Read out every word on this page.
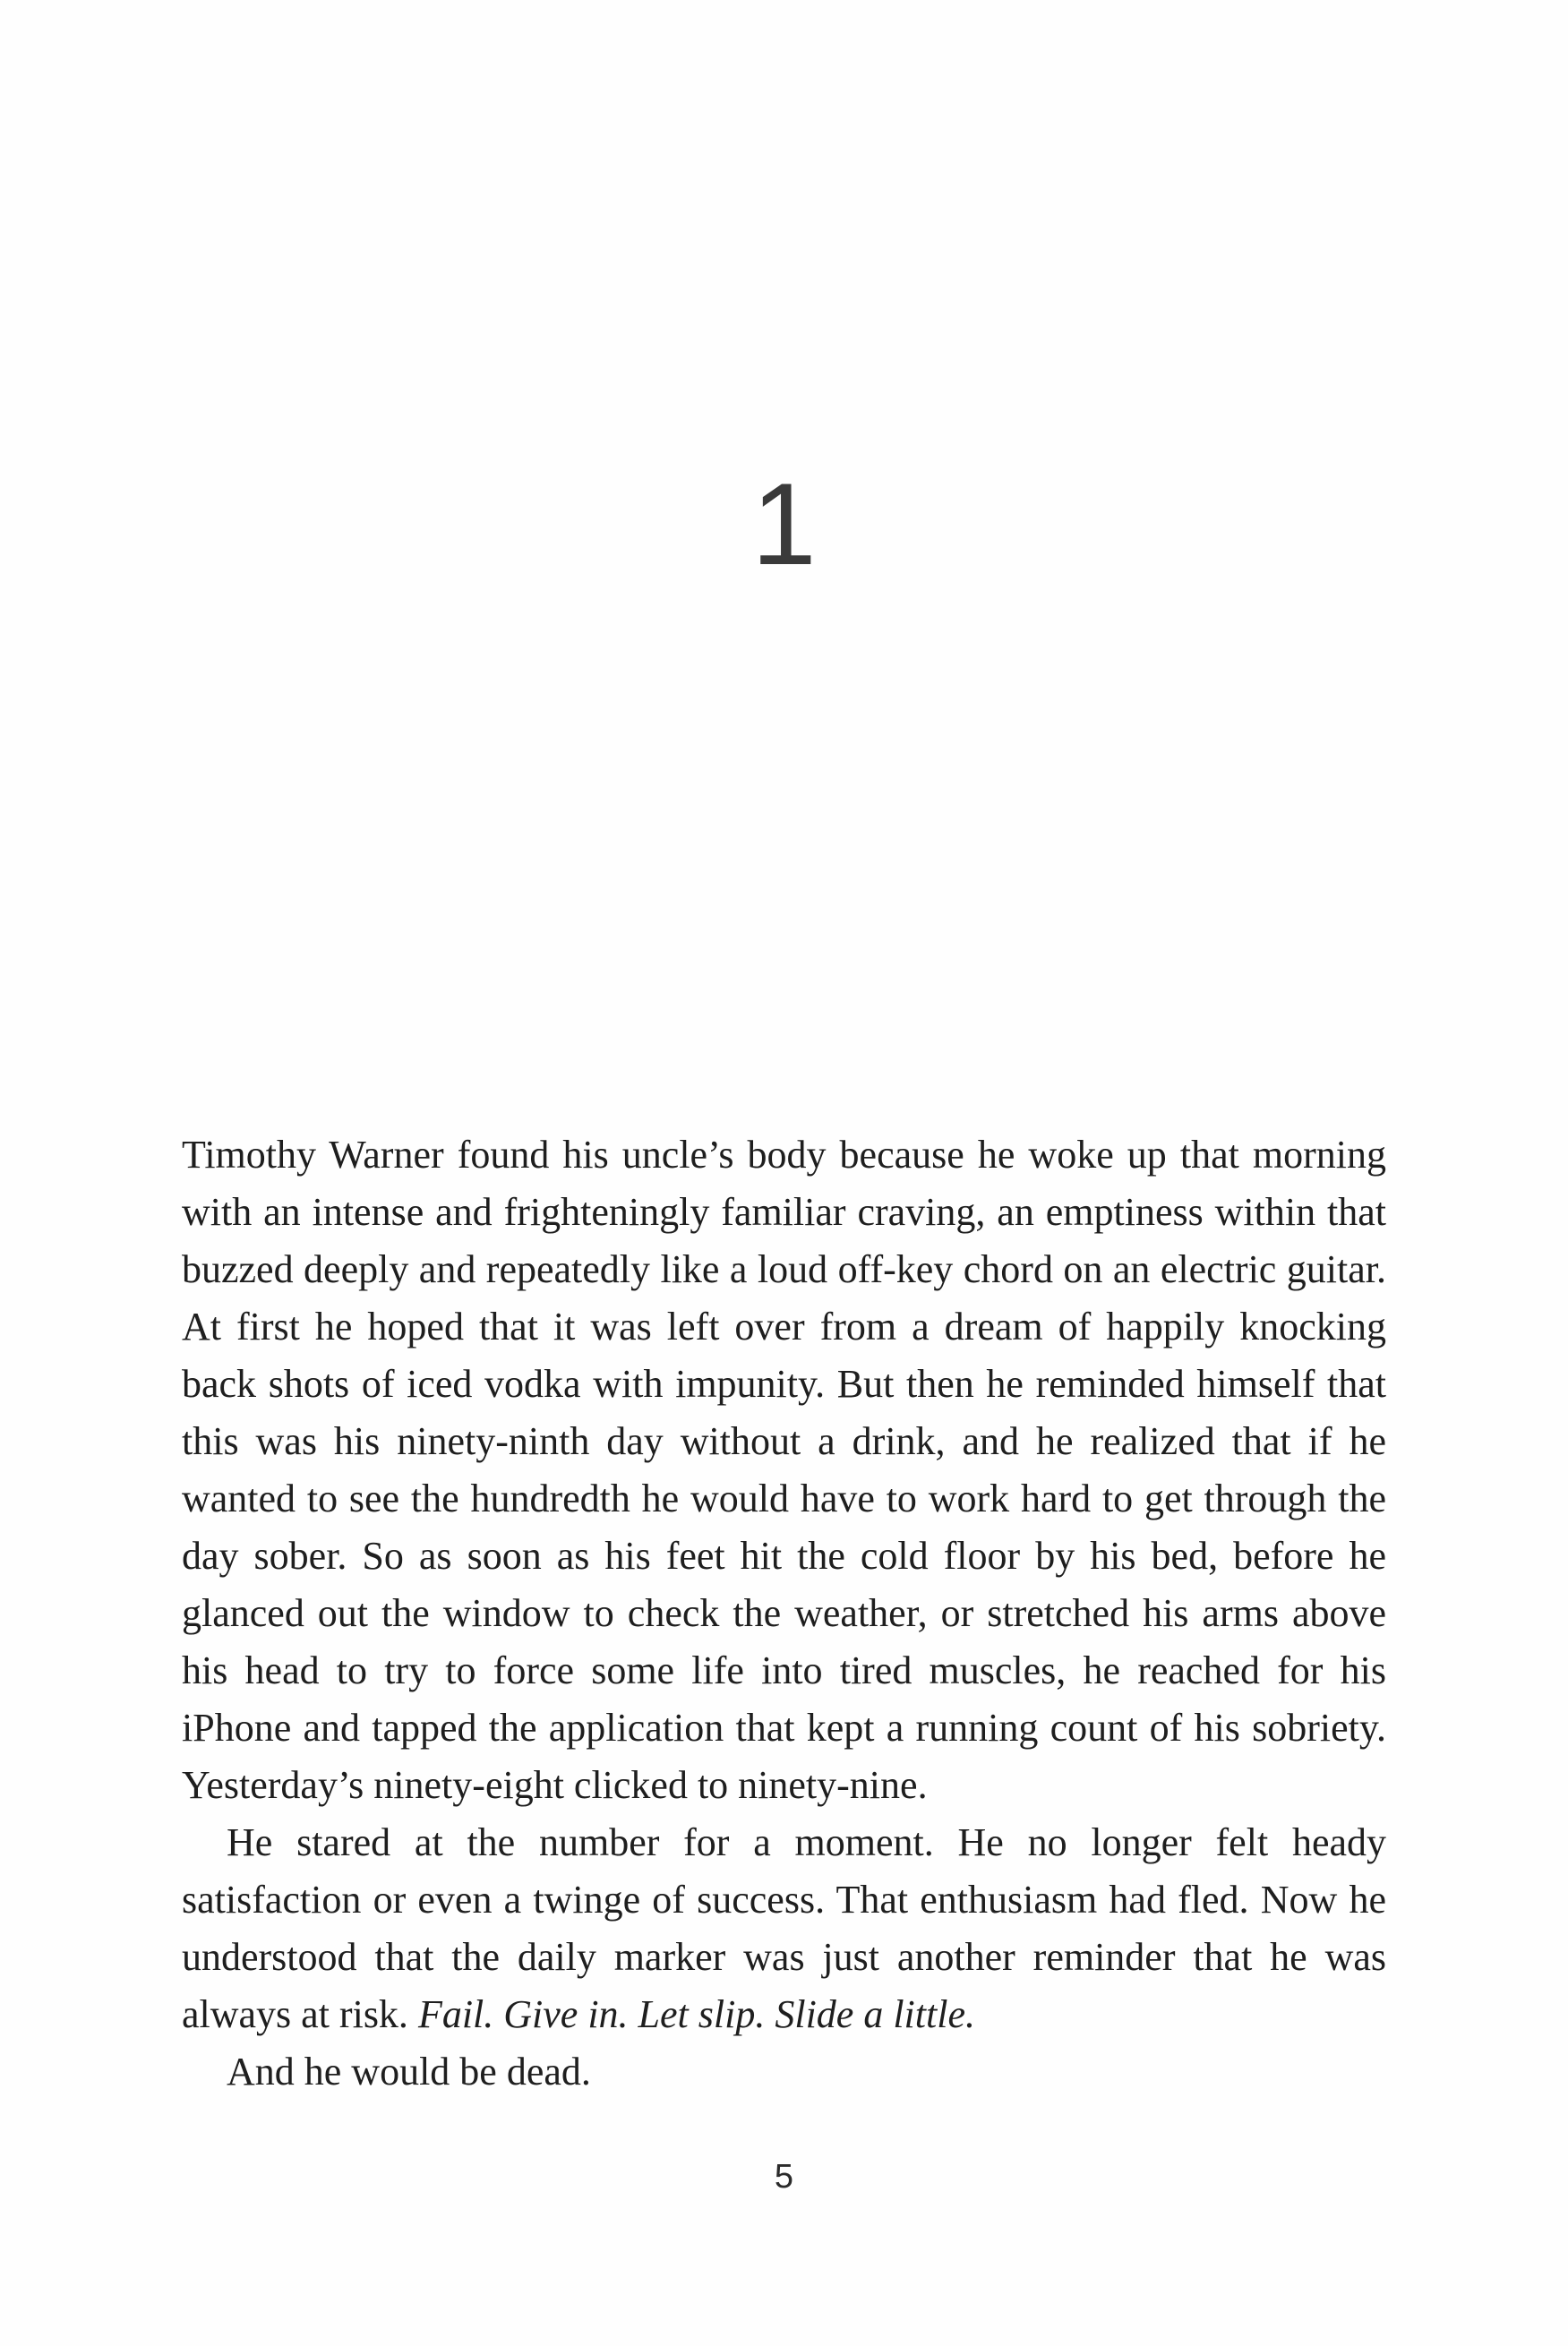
1

Timothy Warner found his uncle’s body because he woke up that morning with an intense and frighteningly familiar craving, an emptiness within that buzzed deeply and repeatedly like a loud off-key chord on an electric guitar. At first he hoped that it was left over from a dream of happily knocking back shots of iced vodka with impunity. But then he reminded himself that this was his ninety-ninth day without a drink, and he realized that if he wanted to see the hundredth he would have to work hard to get through the day sober. So as soon as his feet hit the cold floor by his bed, before he glanced out the window to check the weather, or stretched his arms above his head to try to force some life into tired muscles, he reached for his iPhone and tapped the application that kept a running count of his sobriety. Yesterday’s ninety-eight clicked to ninety-nine.

He stared at the number for a moment. He no longer felt heady satisfaction or even a twinge of success. That enthusiasm had fled. Now he understood that the daily marker was just another reminder that he was always at risk. Fail. Give in. Let slip. Slide a little.

And he would be dead.

5
